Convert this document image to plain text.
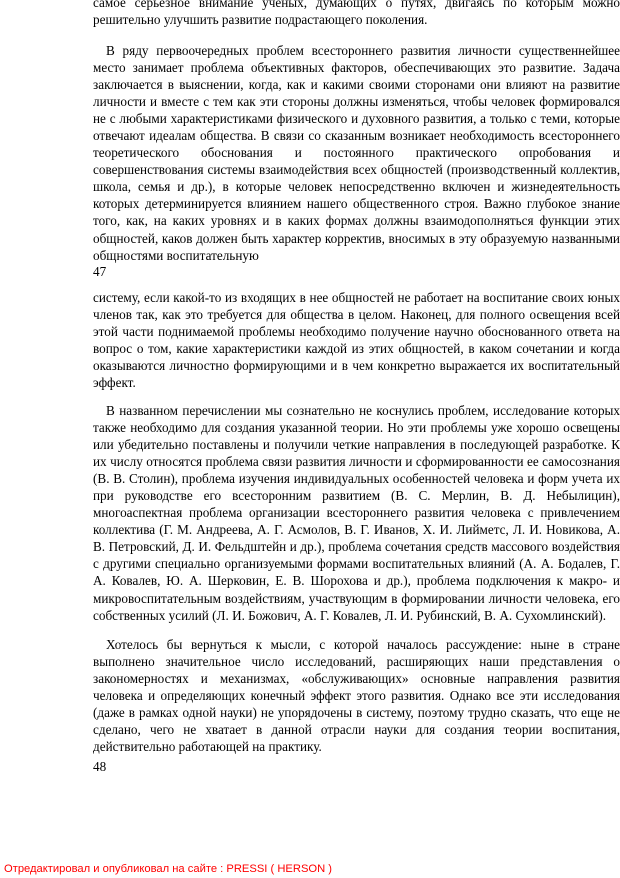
самое серьезное внимание ученых, думающих о путях, двигаясь по которым можно решительно улучшить развитие подрастающего поколения.

В ряду первоочередных проблем всестороннего развития личности существеннейшее место занимает проблема объективных факторов, обеспечивающих это развитие. Задача заключается в выяснении, когда, как и какими своими сторонами они влияют на развитие личности и вместе с тем как эти стороны должны изменяться, чтобы человек формировался не с любыми характеристиками физического и духовного развития, а только с теми, которые отвечают идеалам общества. В связи со сказанным возникает необходимость всестороннего теоретического обоснования и постоянного практического опробования и совершенствования системы взаимодействия всех общностей (производственный коллектив, школа, семья и др.), в которые человек непосредственно включен и жизнедеятельность которых детерминируется влиянием нашего общественного строя. Важно глубокое знание того, как, на каких уровнях и в каких формах должны взаимодополняться функции этих общностей, каков должен быть характер корректив, вносимых в эту образуемую названными общностями воспитательную

47

систему, если какой-то из входящих в нее общностей не работает на воспитание своих юных членов так, как это требуется для общества в целом. Наконец, для полного освещения всей этой части поднимаемой проблемы необходимо получение научно обоснованного ответа на вопрос о том, какие характеристики каждой из этих общностей, в каком сочетании и когда оказываются личностно формирующими и в чем конкретно выражается их воспитательный эффект.

В названном перечислении мы сознательно не коснулись проблем, исследование которых также необходимо для создания указанной теории. Но эти проблемы уже хорошо освещены или убедительно поставлены и получили четкие направления в последующей разработке. К их числу относятся проблема связи развития личности и сформированности ее самосознания (В. В. Столин), проблема изучения индивидуальных особенностей человека и форм учета их при руководстве его всесторонним развитием (В. С. Мерлин, В. Д. Небылицин), многоаспектная проблема организации всестороннего развития человека с привлечением коллектива (Г. М. Андреева, А. Г. Асмолов, В. Г. Иванов, Х. И. Лийметс, Л. И. Новикова, А. В. Петровский, Д. И. Фельдштейн и др.), проблема сочетания средств массового воздействия с другими специально организуемыми формами воспитательных влияний (А. А. Бодалев, Г. А. Ковалев, Ю. А. Шерковин, Е. В. Шорохова и др.), проблема подключения к макро- и микровоспитательным воздействиям, участвующим в формировании личности человека, его собственных усилий (Л. И. Божович, А. Г. Ковалев, Л. И. Рубинский, В. А. Сухомлинский).

Хотелось бы вернуться к мысли, с которой началось рассуждение: ныне в стране выполнено значительное число исследований, расширяющих наши представления о закономерностях и механизмах, «обслуживающих» основные направления развития человека и определяющих конечный эффект этого развития. Однако все эти исследования (даже в рамках одной науки) не упорядочены в систему, поэтому трудно сказать, что еще не сделано, чего не хватает в данной отрасли науки для создания теории воспитания, действительно работающей на практику.

48

Отредактировал и опубликовал на сайте : PRESSI ( HERSON )
